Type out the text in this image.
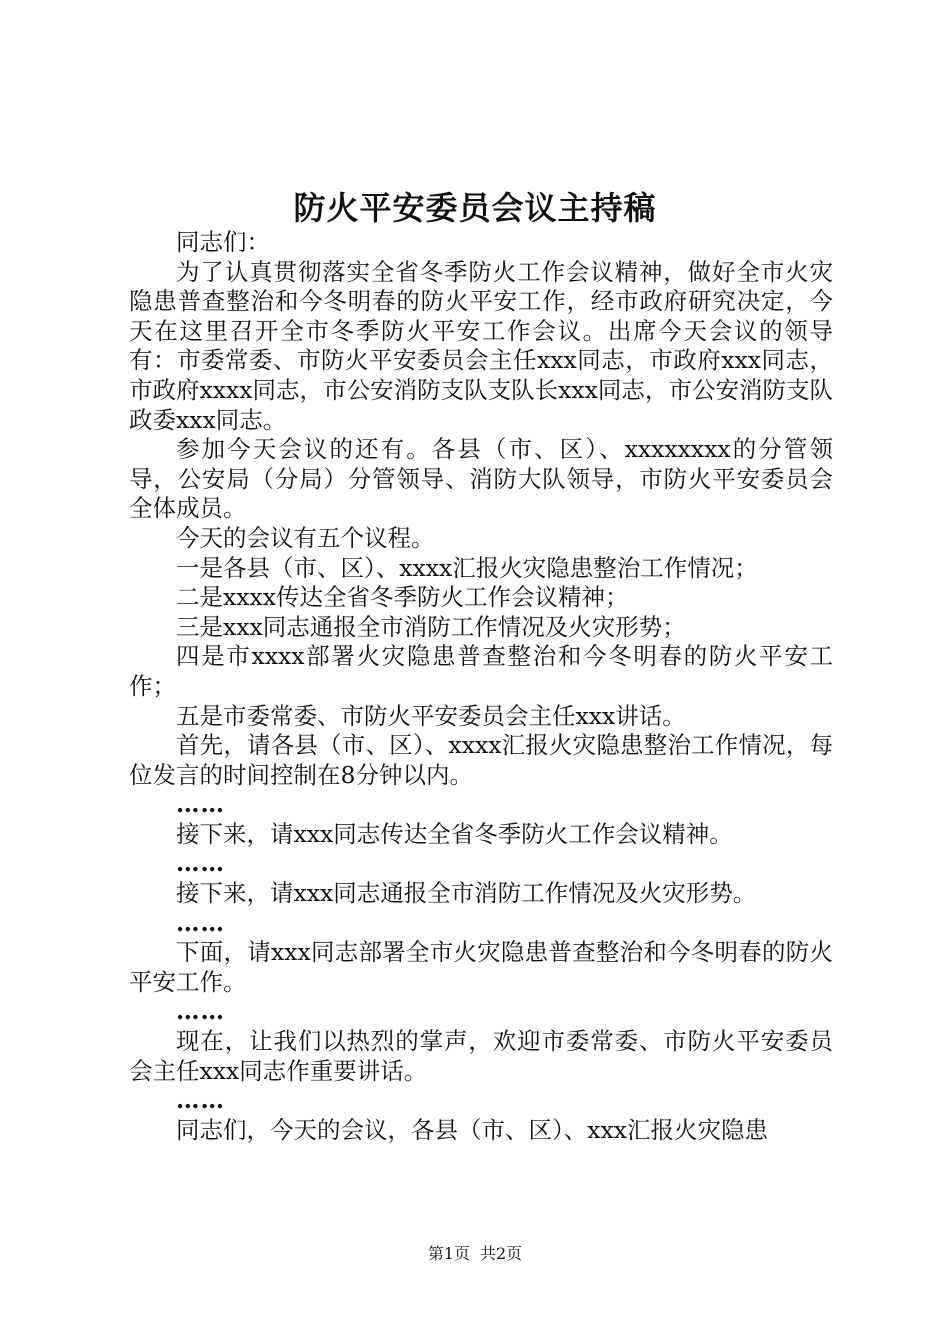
防火平安委员会议主持稿

同志们：

为了认真贯彻落实全省冬季防火工作会议精神，做好全市火灾隐患普查整治和今冬明春的防火平安工作，经市政府研究决定，今天在这里召开全市冬季防火平安工作会议。出席今天会议的领导有：市委常委、市防火平安委员会主任xxx同志，市政府xxx同志，市政府xxxx同志，市公安消防支队支队长xxx同志，市公安消防支队政委xxx同志。

参加今天会议的还有。各县（市、区）、xxxxxxxx的分管领导，公安局（分局）分管领导、消防大队领导，市防火平安委员会全体成员。

今天的会议有五个议程。

一是各县（市、区）、xxxx汇报火灾隐患整治工作情况；

二是xxxx传达全省冬季防火工作会议精神；

三是xxx同志通报全市消防工作情况及火灾形势；

四是市xxxx部署火灾隐患普查整治和今冬明春的防火平安工作；

五是市委常委、市防火平安委员会主任xxx讲话。

首先，请各县（市、区）、xxxx汇报火灾隐患整治工作情况，每位发言的时间控制在8分钟以内。

……

接下来，请xxx同志传达全省冬季防火工作会议精神。

……

接下来，请xxx同志通报全市消防工作情况及火灾形势。

……

下面，请xxx同志部署全市火灾隐患普查整治和今冬明春的防火平安工作。

……

现在，让我们以热烈的掌声，欢迎市委常委、市防火平安委员会主任xxx同志作重要讲话。

……

同志们，今天的会议，各县（市、区）、xxx汇报火灾隐患

第1页 共2页
